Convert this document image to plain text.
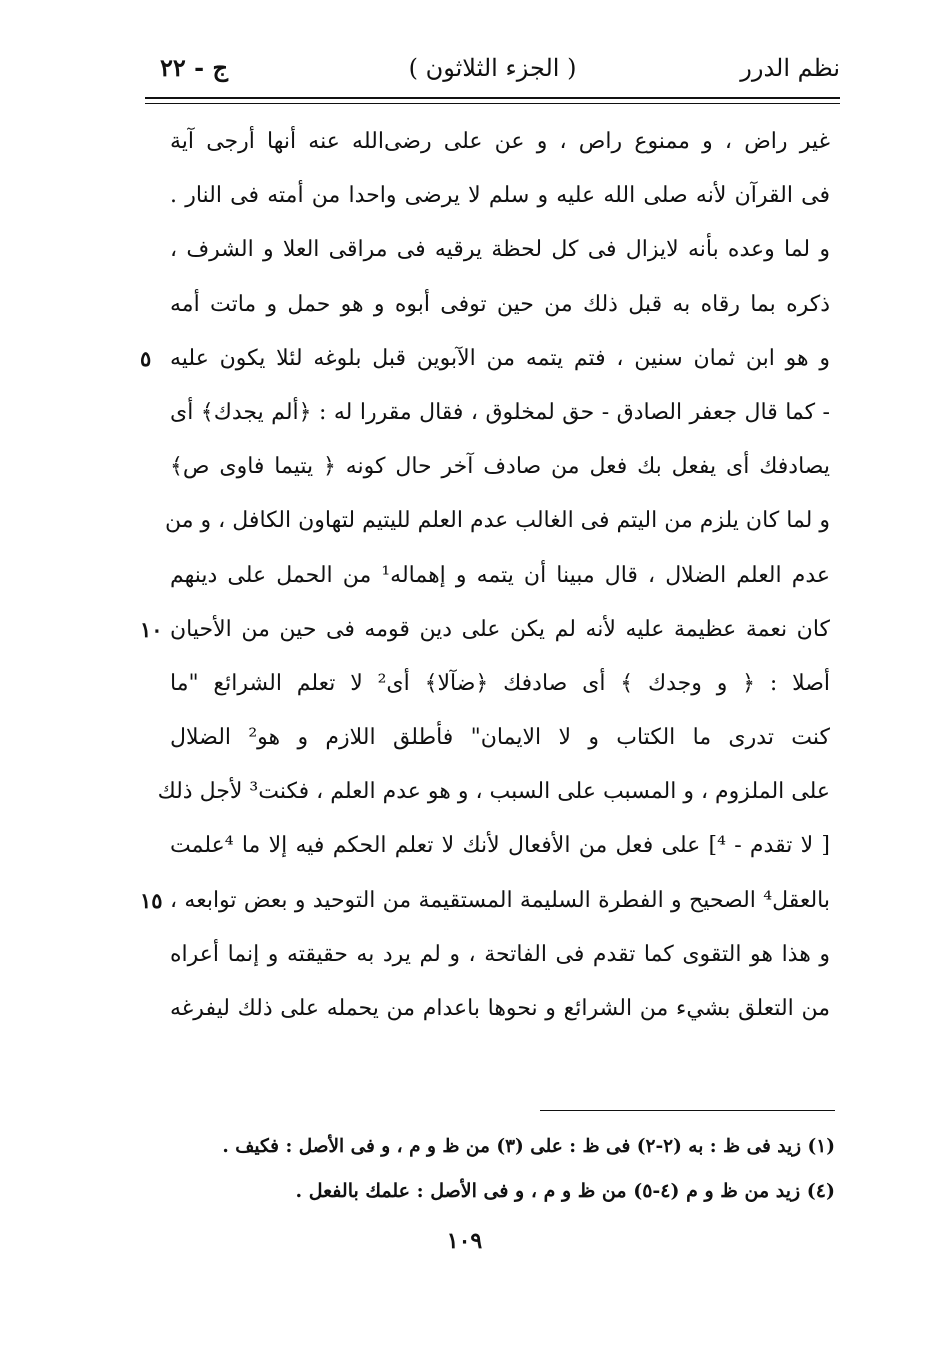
نظم الدرر
( الجزء الثلاثون )
ج - ٢٢
غير راض ، و ممنوع راص ، و عن على رضى‌الله عنه أنها أرجى آية
فى القرآن لأنه صلى الله عليه و سلم لا يرضى واحدا من أمته فى النار .
و لما وعده بأنه لايزال فى كل لحظة يرقيه فى مراقى العلا و الشرف ،
ذكره بما رقاه به قبل ذلك من حين توفى أبوه و هو حمل و ماتت أمه
و هو ابن ثمان سنين ، فتم يتمه من الآبوين قبل بلوغه لئلا يكون عليه
٥
- كما قال جعفر الصادق - حق لمخلوق ، فقال مقررا له : ﴿ألم يجدك﴾ أى
يصادفك أى يفعل بك فعل من صادف آخر حال كونه ﴿ يتيما فاوى ص﴾
و لما كان يلزم من اليتم فى الغالب عدم العلم لليتيم لتهاون الكافل ، و من
عدم العلم الضلال ، قال مبينا أن يتمه و إهماله¹ من الحمل على دينهم
كان نعمة عظيمة عليه لأنه لم يكن على دين قومه فى حين من الأحيان
١٠
أصلا : ﴿ و وجدك ﴾ أى صادفك ﴿ضآلا﴾ أى² لا تعلم الشرائع "ما
كنت تدرى ما الكتاب و لا الايمان" فأطلق اللازم و هو² الضلال
على الملزوم ، و المسبب على السبب ، و هو عدم العلم ، فكنت³ لأجل ذلك
[ لا تقدم - ⁴] على فعل من الأفعال لأنك لا تعلم الحكم فيه إلا ما ⁴علمت
بالعقل⁴ الصحيح و الفطرة السليمة المستقيمة من التوحيد و بعض توابعه ،
١٥
و هذا هو التقوى كما تقدم فى الفاتحة ، و لم يرد به حقيقته و إنما أعراه
من التعلق بشيء من الشرائع و نحوها باعدام من يحمله على ذلك ليفرغه
(١) زيد فى ظ : به (٢-٢) فى ظ : على (٣) من ظ و م ، و فى الأصل : فكيف .
(٤) زيد من ظ و م (٤-٥) من ظ و م ، و فى الأصل : علمك بالفعل .
١٠٩
